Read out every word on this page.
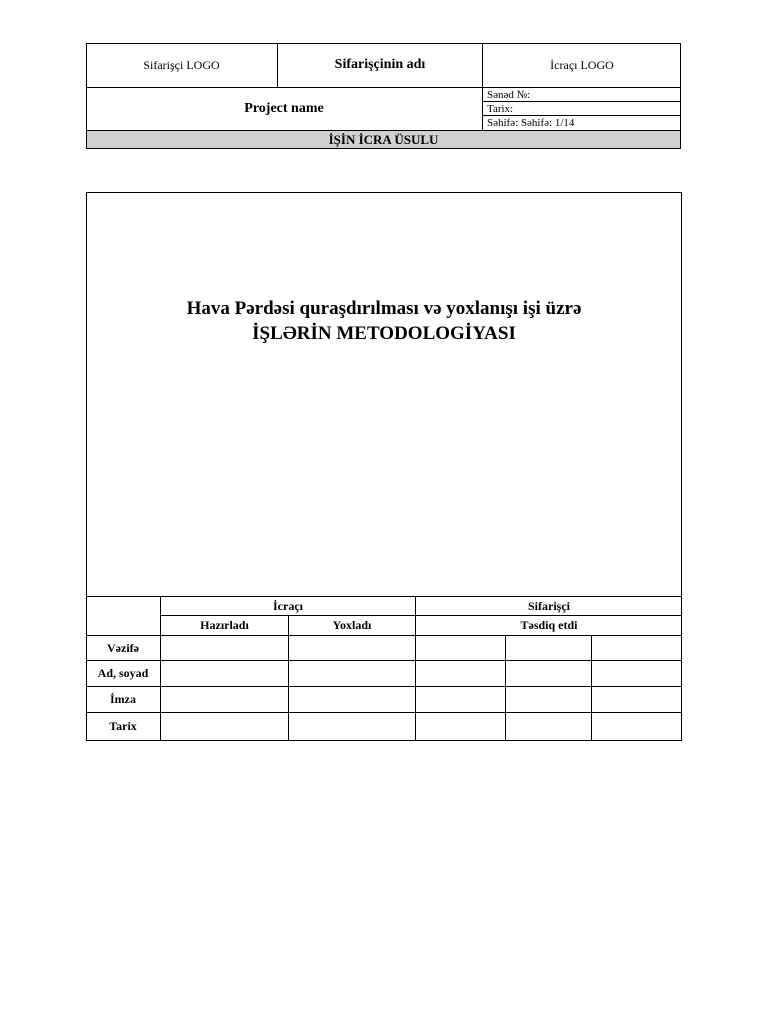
Sifarişçi LOGO	Sifarişçinin adı	İcraçı LOGO
Project name
Sənəd №:
Tarix:
Səhifə: Səhifə: 1/14
İŞİN İCRA ÜSULU
Hava Pərdəsi quraşdırılması və yoxlanışı işi üzrə
İŞLƏRİN METODOLOGİYASI
İcraçı	Sifarişçi
Hazırladı	Yoxladı	Təsdiq etdi
Vəzifə
Ad, soyad
İmza
Tarix
